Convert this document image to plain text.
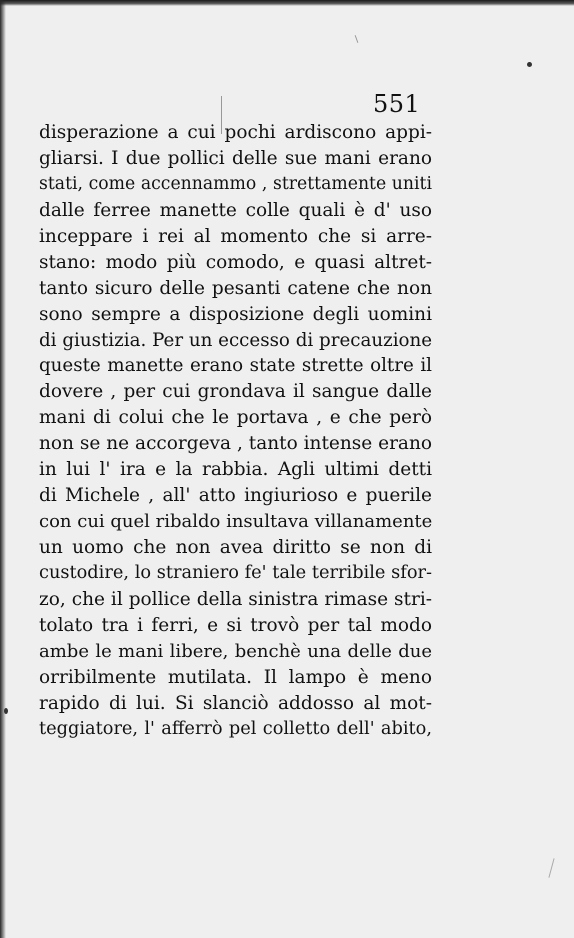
551
disperazione a cui pochi ardiscono appi-
gliarsi. I due pollici delle sue mani erano
stati, come accennammo , strettamente uniti
dalle ferree manette colle quali è d' uso
inceppare i rei al momento che si arre-
stano: modo più comodo, e quasi altret-
tanto sicuro delle pesanti catene che non
sono sempre a disposizione degli uomini
di giustizia. Per un eccesso di precauzione
queste manette erano state strette oltre il
dovere , per cui grondava il sangue dalle
mani di colui che le portava , e che però
non se ne accorgeva , tanto intense erano
in lui l' ira e la rabbia. Agli ultimi detti
di Michele , all' atto ingiurioso e puerile
con cui quel ribaldo insultava villanamente
un uomo che non avea diritto se non di
custodire, lo straniero fe' tale terribile sfor-
zo, che il pollice della sinistra rimase stri-
tolato tra i ferri, e si trovò per tal modo
ambe le mani libere, benchè una delle due
orribilmente mutilata. Il lampo è meno
rapido di lui. Si slanciò addosso al mot-
teggiatore, l' afferrò pel colletto dell' abito,
